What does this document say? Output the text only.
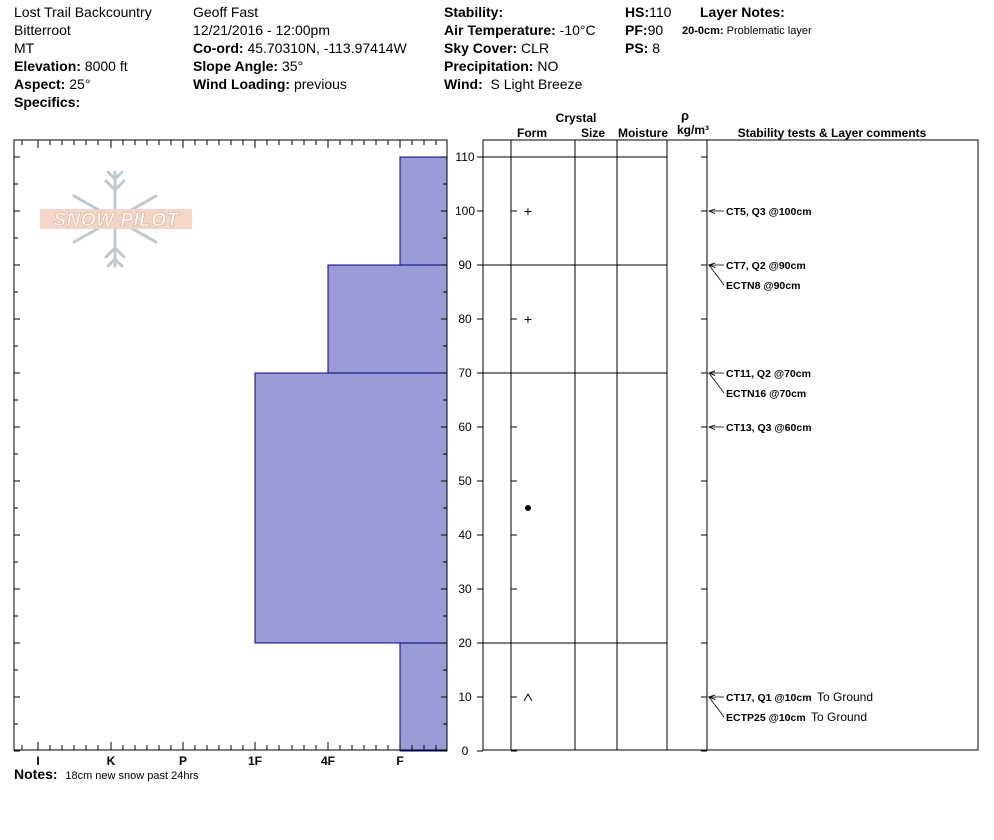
Lost Trail Backcountry
Bitterroot
MT
Elevation: 8000 ft
Aspect: 25°
Specifics:
Geoff Fast
12/21/2016 - 12:00pm
Co-ord: 45.70310N, -113.97414W
Slope Angle: 35°
Wind Loading: previous
Stability:
Air Temperature: -10°C
Sky Cover: CLR
Precipitation: NO
Wind: S Light Breeze
HS:110
PF:90
PS: 8
Layer Notes:
20-0cm: Problematic layer
SNOW PILOT
0
10
20
30
40
50
60
70
80
90
100
110
I	K	P	1F	4F	F
+
+
^
CT5, Q3 @100cm
CT7, Q2 @90cm
ECTN8 @90cm
CT11, Q2 @70cm
ECTN16 @70cm
CT13, Q3 @60cm
CT17, Q1 @10cm To Ground
ECTP25 @10cm To Ground
Crystal
Form	Size Moisture
ρ
kg/m³ Stability tests & Layer comments
Notes: 18cm new snow past 24hrs
